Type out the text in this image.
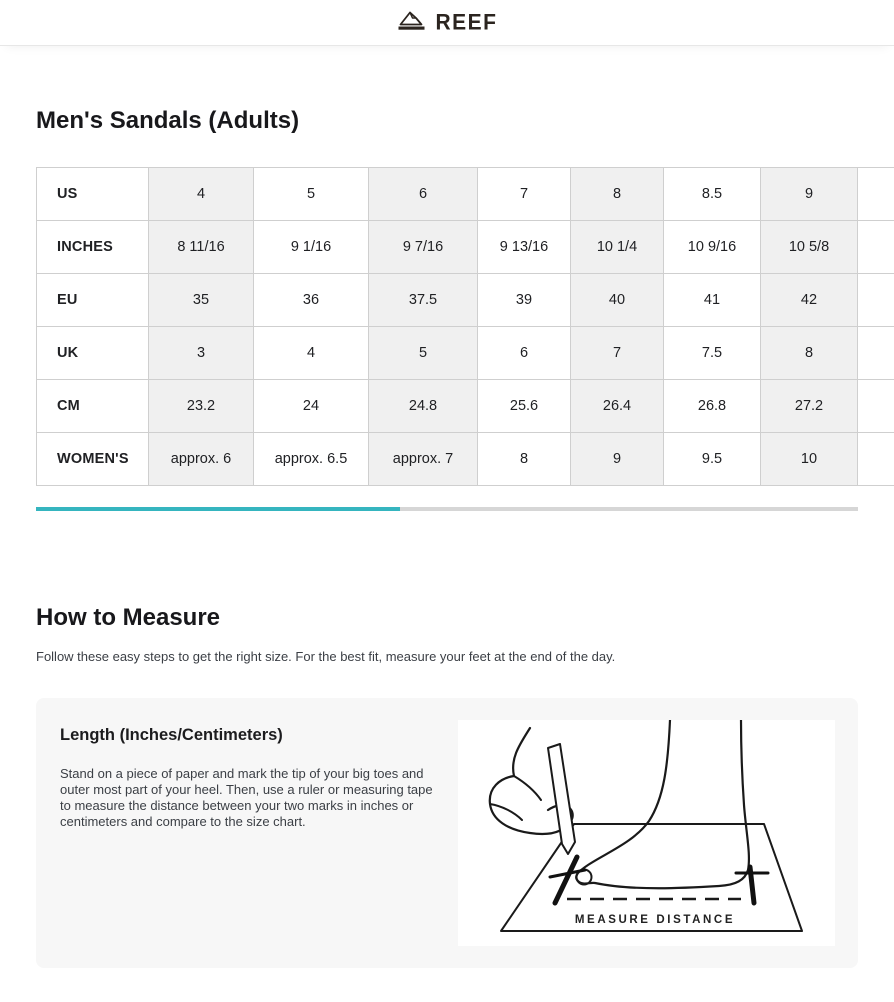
REEF
Men's Sandals (Adults)
US	4	5	6	7	8	8.5	9	
INCHES	8 11/16	9 1/16	9 7/16	9 13/16	10 1/4	10 9/16	10 5/8	
EU	35	36	37.5	39	40	41	42	
UK	3	4	5	6	7	7.5	8	
CM	23.2	24	24.8	25.6	26.4	26.8	27.2	
WOMEN'S	approx. 6	approx. 6.5	approx. 7	8	9	9.5	10	
How to Measure

Follow these easy steps to get the right size. For the best fit, measure your feet at the end of the day.

Length (Inches/Centimeters)

Stand on a piece of paper and mark the tip of your big toes and outer most part of your heel. Then, use a ruler or measuring tape to measure the distance between your two marks in inches or centimeters and compare to the size chart.

MEASURE DISTANCE
